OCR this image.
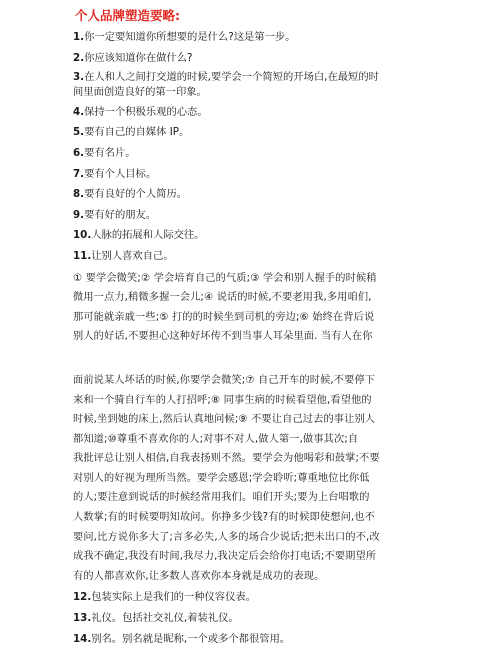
个人品牌塑造要略:
1.你一定要知道你所想要的是什么?这是第一步。
2.你应该知道你在做什么?
3.在人和人之间打交道的时候,要学会一个简短的开场白,在最短的时
间里面创造良好的第一印象。
4.保持一个积极乐观的心态。
5.要有自己的自媒体 IP。
6.要有名片。
7.要有个人目标。
8.要有良好的个人简历。
9.要有好的朋友。
10.人脉的拓展和人际交往。
11.让别人喜欢自己。
① 要学会微笑;② 学会培育自己的气质;③ 学会和别人握手的时候稍
微用一点力,稍微多握一会儿;④ 说话的时候,不要老用我,多用咱们,
那可能就亲戚一些;⑤ 打的的时候坐到司机的旁边;⑥ 始终在背后说
别人的好话,不要担心这种好坏传不到当事人耳朵里面. 当有人在你
面前说某人坏话的时候,你要学会微笑;⑦ 自己开车的时候,不要停下
来和一个骑自行车的人打招呼;⑧ 同事生病的时候看望他,看望他的
时候,坐到她的床上,然后认真地问候;⑨ 不要让自己过去的事让别人
都知道;⑩尊重不喜欢你的人;对事不对人,做人第一,做事其次;自
我批评总让别人相信,自我表扬则不然。要学会为他喝彩和鼓掌;不要
对别人的好视为理所当然。要学会感恩;学会聆听;尊重地位比你低
的人;要注意到说话的时候经常用我们。咱们开头;要为上台唱歌的
人数掌;有的时候要明知故问。你挣多少钱?有的时候即使想问,也不
要问,比方说你多大了;言多必失,人多的场合少说话;把未出口的不,改
成我不确定,我没有时间,我尽力,我决定后会给你打电话;不要期望所
有的人都喜欢你,让多数人喜欢你本身就是成功的表现。
12.包装实际上是我们的一种仪容仪表。
13.礼仪。包括社交礼仪,着装礼仪。
14.别名。别名就是昵称,一个或多个都很管用。
